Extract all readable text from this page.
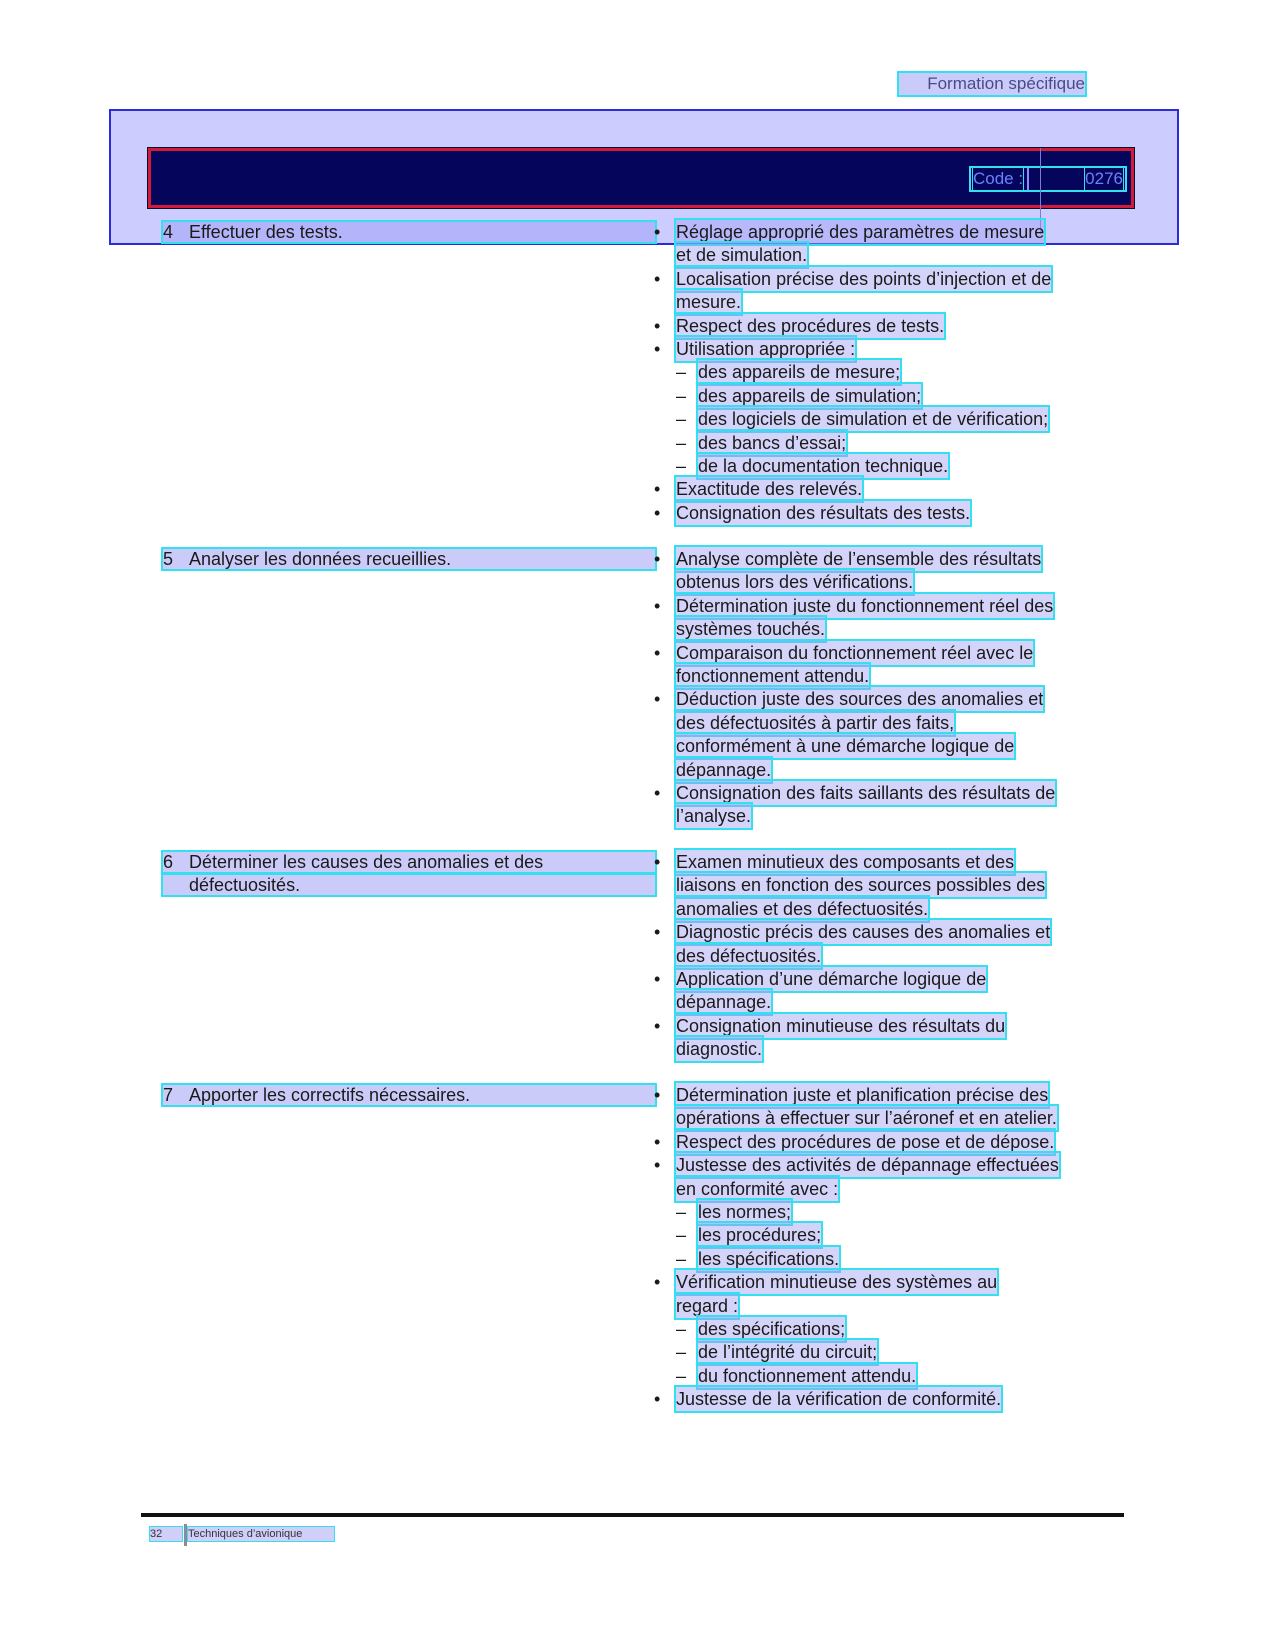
Formation spécifique
Code :	0276
4 Effectuer des tests.	• Réglage approprié des paramètres de mesure
et de simulation.
• Localisation précise des points d’injection et de
mesure.
• Respect des procédures de tests.
• Utilisation appropriée :
– des appareils de mesure;
– des appareils de simulation;
– des logiciels de simulation et de vérification;
– des bancs d’essai;
– de la documentation technique.
• Exactitude des relevés.
• Consignation des résultats des tests.
5 Analyser les données recueillies.	• Analyse complète de l’ensemble des résultats
obtenus lors des vérifications.
• Détermination juste du fonctionnement réel des
systèmes touchés.
• Comparaison du fonctionnement réel avec le
fonctionnement attendu.
• Déduction juste des sources des anomalies et
des défectuosités à partir des faits,
conformément à une démarche logique de
dépannage.
• Consignation des faits saillants des résultats de
l’analyse.
6 Déterminer les causes des anomalies et des
défectuosités.
• Examen minutieux des composants et des
liaisons en fonction des sources possibles des
anomalies et des défectuosités.
• Diagnostic précis des causes des anomalies et
des défectuosités.
• Application d’une démarche logique de
dépannage.
• Consignation minutieuse des résultats du
diagnostic.
7 Apporter les correctifs nécessaires.	• Détermination juste et planification précise des
opérations à effectuer sur l’aéronef et en atelier.
• Respect des procédures de pose et de dépose.
• Justesse des activités de dépannage effectuées
en conformité avec :
– les normes;
– les procédures;
– les spécifications.
• Vérification minutieuse des systèmes au
regard :
– des spécifications;
– de l’intégrité du circuit;
– du fonctionnement attendu.
• Justesse de la vérification de conformité.
32	Techniques d’avionique
